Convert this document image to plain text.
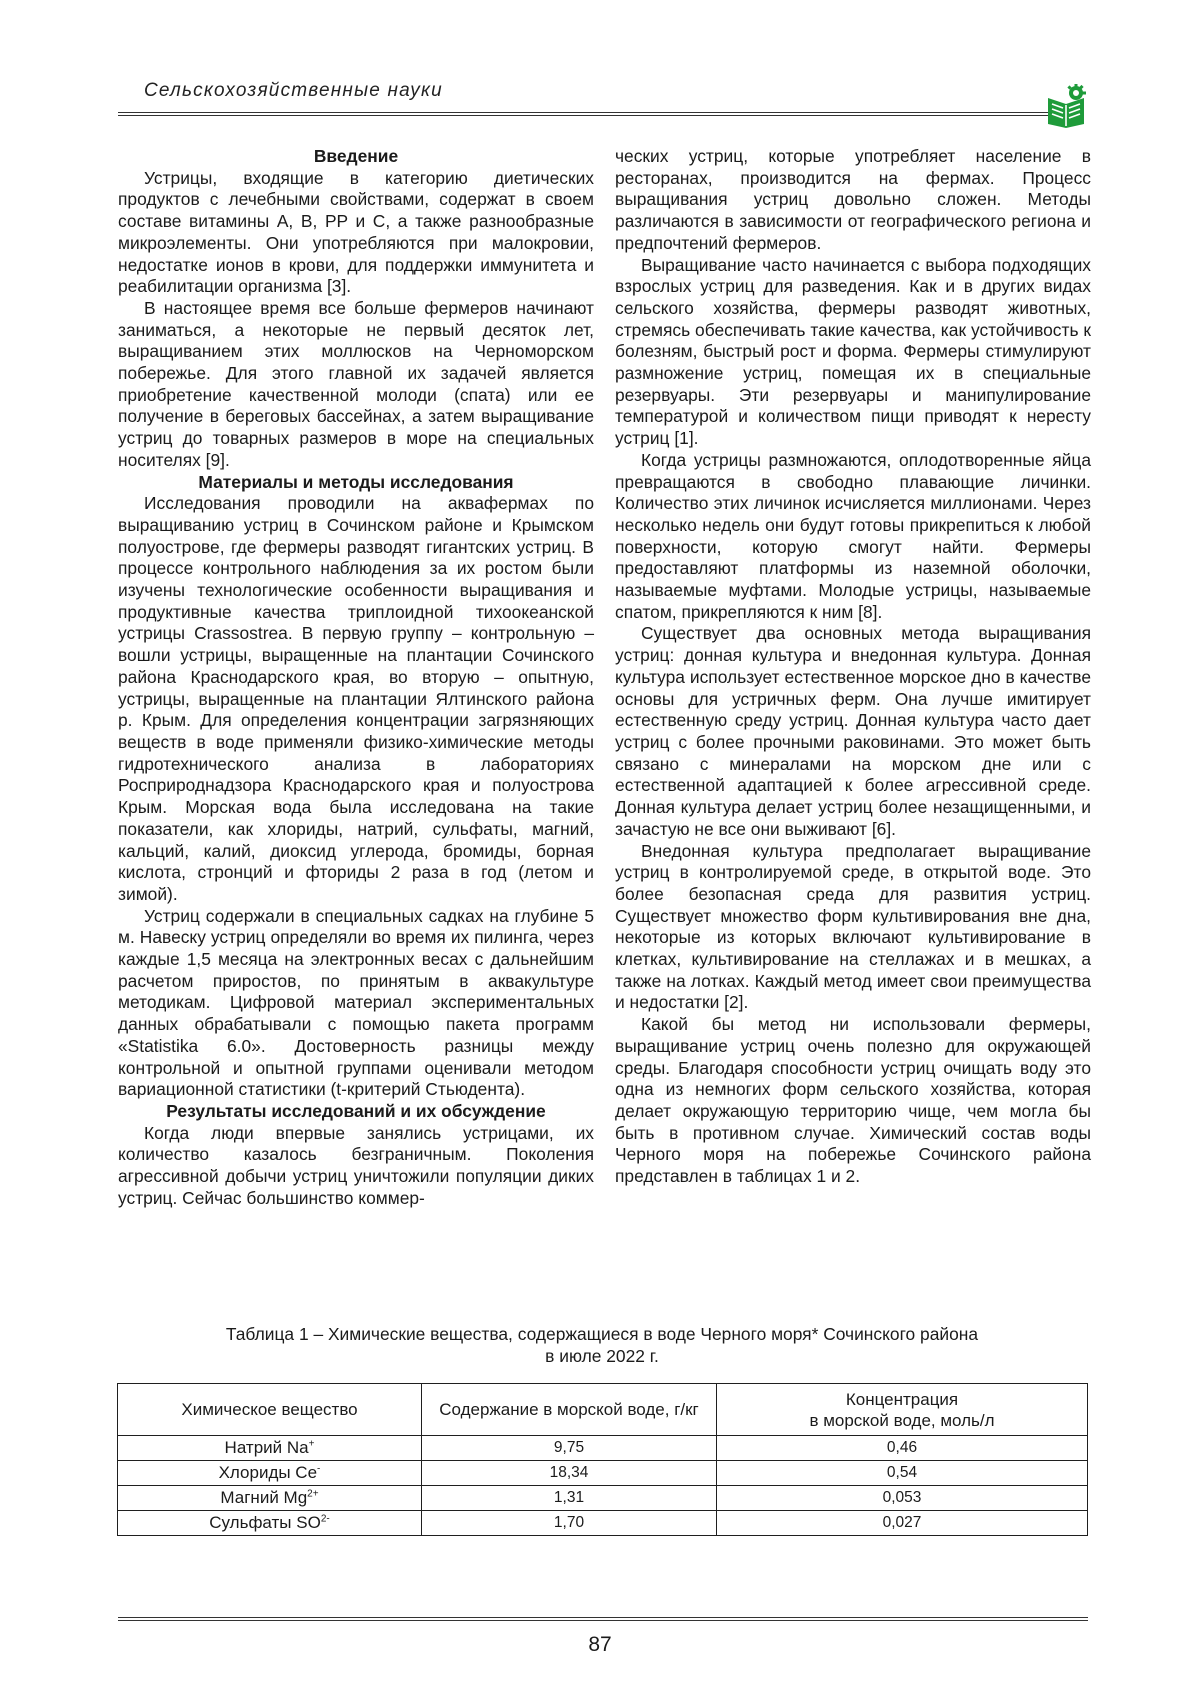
Сельскохозяйственные науки
Введение

Устрицы, входящие в категорию диетических продуктов с лечебными свойствами, содержат в своем составе витамины A, B, PP и C, а также разнообразные микроэлементы. Они употребляются при малокровии, недостатке ионов в крови, для поддержки иммунитета и реабилитации организма [3].

В настоящее время все больше фермеров начинают заниматься, а некоторые не первый десяток лет, выращиванием этих моллюсков на Черноморском побережье. Для этого главной их задачей является приобретение качественной молоди (спата) или ее получение в береговых бассейнах, а затем выращивание устриц до товарных размеров в море на специальных носителях [9].

Материалы и методы исследования

Исследования проводили на аквафермах по выращиванию устриц в Сочинском районе и Крымском полуострове, где фермеры разводят гигантских устриц. В процессе контрольного наблюдения за их ростом были изучены технологические особенности выращивания и продуктивные качества триплоидной тихоокеанской устрицы Crassostrea. В первую группу – контрольную – вошли устрицы, выращенные на плантации Сочинского района Краснодарского края, во вторую – опытную, устрицы, выращенные на плантации Ялтинского района р. Крым. Для определения концентрации загрязняющих веществ в воде применяли физико-химические методы гидротехнического анализа в лабораториях Росприроднадзора Краснодарского края и полуострова Крым. Морская вода была исследована на такие показатели, как хлориды, натрий, сульфаты, магний, кальций, калий, диоксид углерода, бромиды, борная кислота, стронций и фториды 2 раза в год (летом и зимой).

Устриц содержали в специальных садках на глубине 5 м. Навеску устриц определяли во время их пилинга, через каждые 1,5 месяца на электронных весах с дальнейшим расчетом приростов, по принятым в аквакультуре методикам. Цифровой материал экспериментальных данных обрабатывали с помощью пакета программ «Statistika 6.0». Достоверность разницы между контрольной и опытной группами оценивали методом вариационной статистики (t-критерий Стьюдента).

Результаты исследований и их обсуждение

Когда люди впервые занялись устрицами, их количество казалось безграничным. Поколения агрессивной добычи устриц уничтожили популяции диких устриц. Сейчас большинство коммер-

ческих устриц, которые употребляет население в ресторанах, производится на фермах. Процесс выращивания устриц довольно сложен. Методы различаются в зависимости от географического региона и предпочтений фермеров.

Выращивание часто начинается с выбора подходящих взрослых устриц для разведения. Как и в других видах сельского хозяйства, фермеры разводят животных, стремясь обеспечивать такие качества, как устойчивость к болезням, быстрый рост и форма. Фермеры стимулируют размножение устриц, помещая их в специальные резервуары. Эти резервуары и манипулирование температурой и количеством пищи приводят к нересту устриц [1].

Когда устрицы размножаются, оплодотворенные яйца превращаются в свободно плавающие личинки. Количество этих личинок исчисляется миллионами. Через несколько недель они будут готовы прикрепиться к любой поверхности, которую смогут найти. Фермеры предоставляют платформы из наземной оболочки, называемые муфтами. Молодые устрицы, называемые спатом, прикрепляются к ним [8].

Существует два основных метода выращивания устриц: донная культура и внедонная культура. Донная культура использует естественное морское дно в качестве основы для устричных ферм. Она лучше имитирует естественную среду устриц. Донная культура часто дает устриц с более прочными раковинами. Это может быть связано с минералами на морском дне или с естественной адаптацией к более агрессивной среде. Донная культура делает устриц более незащищенными, и зачастую не все они выживают [6].

Внедонная культура предполагает выращивание устриц в контролируемой среде, в открытой воде. Это более безопасная среда для развития устриц. Существует множество форм культивирования вне дна, некоторые из которых включают культивирование в клетках, культивирование на стеллажах и в мешках, а также на лотках. Каждый метод имеет свои преимущества и недостатки [2].

Какой бы метод ни использовали фермеры, выращивание устриц очень полезно для окружающей среды. Благодаря способности устриц очищать воду это одна из немногих форм сельского хозяйства, которая делает окружающую территорию чище, чем могла бы быть в противном случае. Химический состав воды Черного моря на побережье Сочинского района представлен в таблицах 1 и 2.

Таблица 1 – Химические вещества, содержащиеся в воде Черного моря* Сочинского района
в июле 2022 г.
Химическое вещество	Содержание в морской воде, г/кг	Концентрация
в морской воде, моль/л

Натрий Na+	9,75	0,46
Хлориды Cе-	18,34	0,54
Магний $Mg^{2+}$	1,31	0,053
Сульфаты $SO^{2-}$	1,70	0,027
87
